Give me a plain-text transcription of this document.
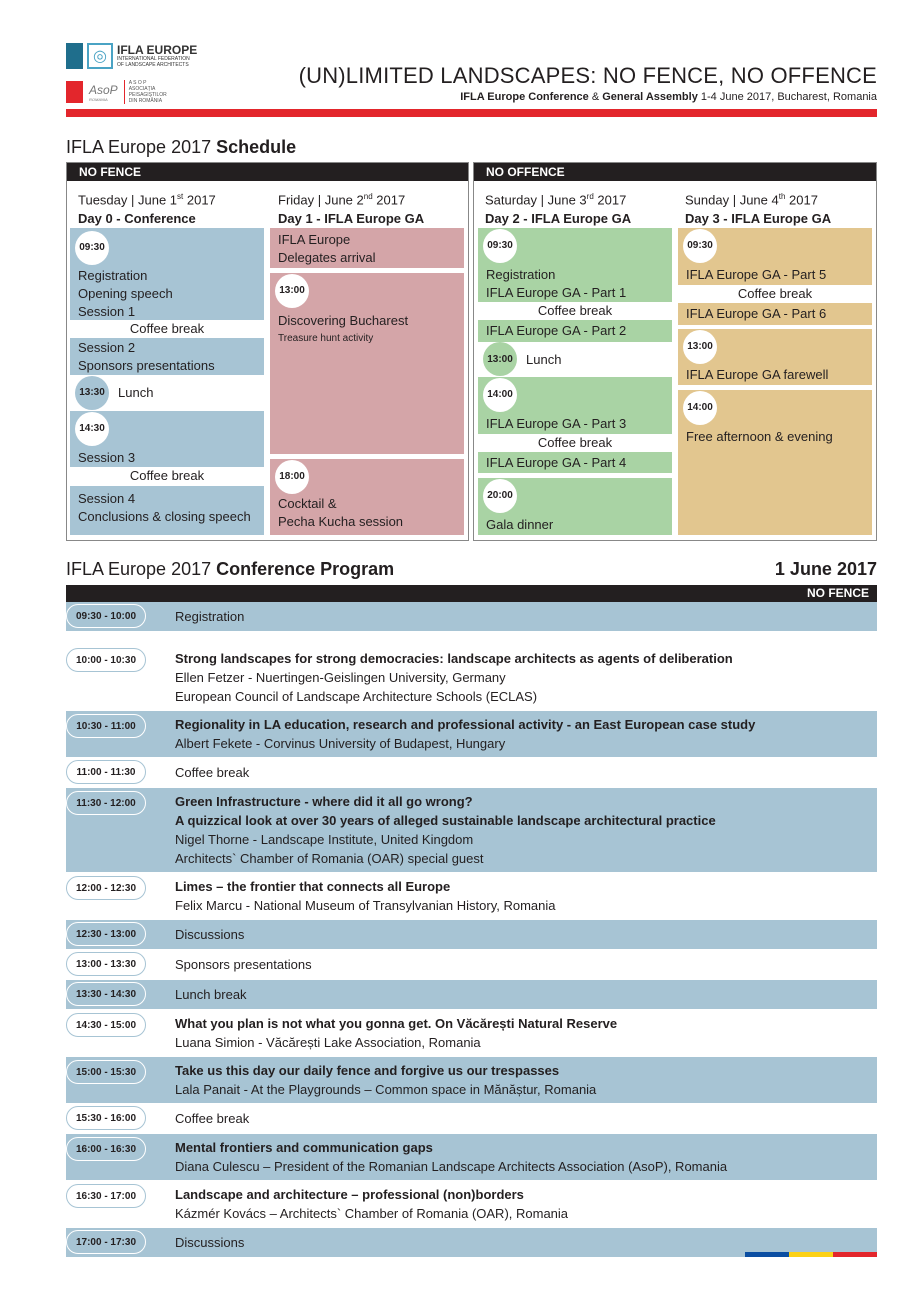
◎ IFLA EUROPE
INTERNATIONAL FEDERATION
OF LANDSCAPE ARCHITECTS
AsoP
ROMANIA
A S O P
ASOCIAȚIA
PEISAGIȘTILOR
DIN ROMÂNIA
(UN)LIMITED LANDSCAPES: NO FENCE, NO OFFENCE
IFLA Europe Conference & General Assembly 1-4 June 2017, Bucharest, Romania
IFLA Europe 2017 Schedule
NO FENCE
Tuesday | June 1st 2017
Day 0 - Conference
Friday | June 2nd 2017
Day 1 - IFLA Europe GA
NO OFFENCE
Saturday | June 3rd 2017
Day 2 - IFLA Europe GA
Sunday | June 4th 2017
Day 3 - IFLA Europe GA
09:30
Registration
Opening speech
Session 1
Coffee break
Session 2
Sponsors presentations
13:30	Lunch
14:30
Session 3
Coffee break
Session 4
Conclusions & closing speech
IFLA Europe
Delegates arrival
13:00
Discovering Bucharest
Treasure hunt activity
18:00
Cocktail &
Pecha Kucha session
09:30
Registration
IFLA Europe GA - Part 1
Coffee break
IFLA Europe GA - Part 2
13:00	Lunch
14:00
IFLA Europe GA - Part 3
Coffee break
IFLA Europe GA - Part 4
20:00
Gala dinner
09:30
IFLA Europe GA - Part 5
Coffee break
IFLA Europe GA - Part 6
13:00
IFLA Europe GA farewell
14:00
Free afternoon & evening
IFLA Europe 2017 Conference Program	1 June 2017
NO FENCE
09:30 - 10:00	Registration
10:00 - 10:30	Strong landscapes for strong democracies: landscape architects as agents of deliberation
Ellen Fetzer - Nuertingen-Geislingen University, Germany
European Council of Landscape Architecture Schools (ECLAS)
10:30 - 11:00	Regionality in LA education, research and professional activity - an East European case study
Albert Fekete - Corvinus University of Budapest, Hungary
11:00 - 11:30	Coffee break
11:30 - 12:00	Green Infrastructure - where did it all go wrong?
A quizzical look at over 30 years of alleged sustainable landscape architectural practice
Nigel Thorne - Landscape Institute, United Kingdom
Architects` Chamber of Romania (OAR) special guest
12:00 - 12:30	Limes – the frontier that connects all Europe
Felix Marcu - National Museum of Transylvanian History, Romania
12:30 - 13:00	Discussions
13:00 - 13:30	Sponsors presentations
13:30 - 14:30	Lunch break
14:30 - 15:00	What you plan is not what you gonna get. On Văcărești Natural Reserve
Luana Simion - Văcărești Lake Association, Romania
15:00 - 15:30	Take us this day our daily fence and forgive us our trespasses
Lala Panait - At the Playgrounds – Common space in Mănăștur, Romania
15:30 - 16:00	Coffee break
16:00 - 16:30	Mental frontiers and communication gaps
Diana Culescu – President of the Romanian Landscape Architects Association (AsoP), Romania
16:30 - 17:00	Landscape and architecture – professional (non)borders
Kázmér Kovács – Architects` Chamber of Romania (OAR), Romania
17:00 - 17:30	Discussions
